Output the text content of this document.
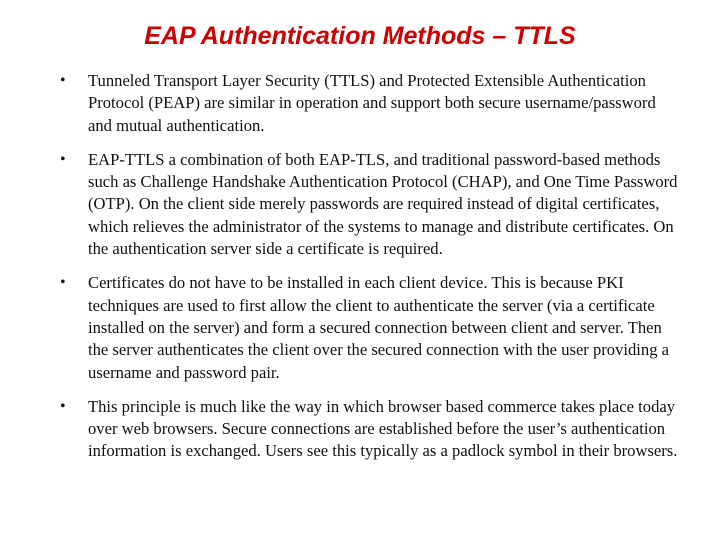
EAP Authentication Methods – TTLS
• Tunneled Transport Layer Security (TTLS) and Protected Extensible Authentication Protocol (PEAP) are similar in operation and support both secure username/password and mutual authentication.
• EAP-TTLS a combination of both EAP-TLS, and traditional password-based methods such as Challenge Handshake Authentication Protocol (CHAP), and One Time Password (OTP). On the client side merely passwords are required instead of digital certificates, which relieves the administrator of the systems to manage and distribute certificates. On the authentication server side a certificate is required.
• Certificates do not have to be installed in each client device. This is because PKI techniques are used to first allow the client to authenticate the server (via a certificate installed on the server) and form a secured connection between client and server. Then the server authenticates the client over the secured connection with the user providing a username and password pair.
• This principle is much like the way in which browser based commerce takes place today over web browsers. Secure connections are established before the user’s authentication information is exchanged. Users see this typically as a padlock symbol in their browsers.
